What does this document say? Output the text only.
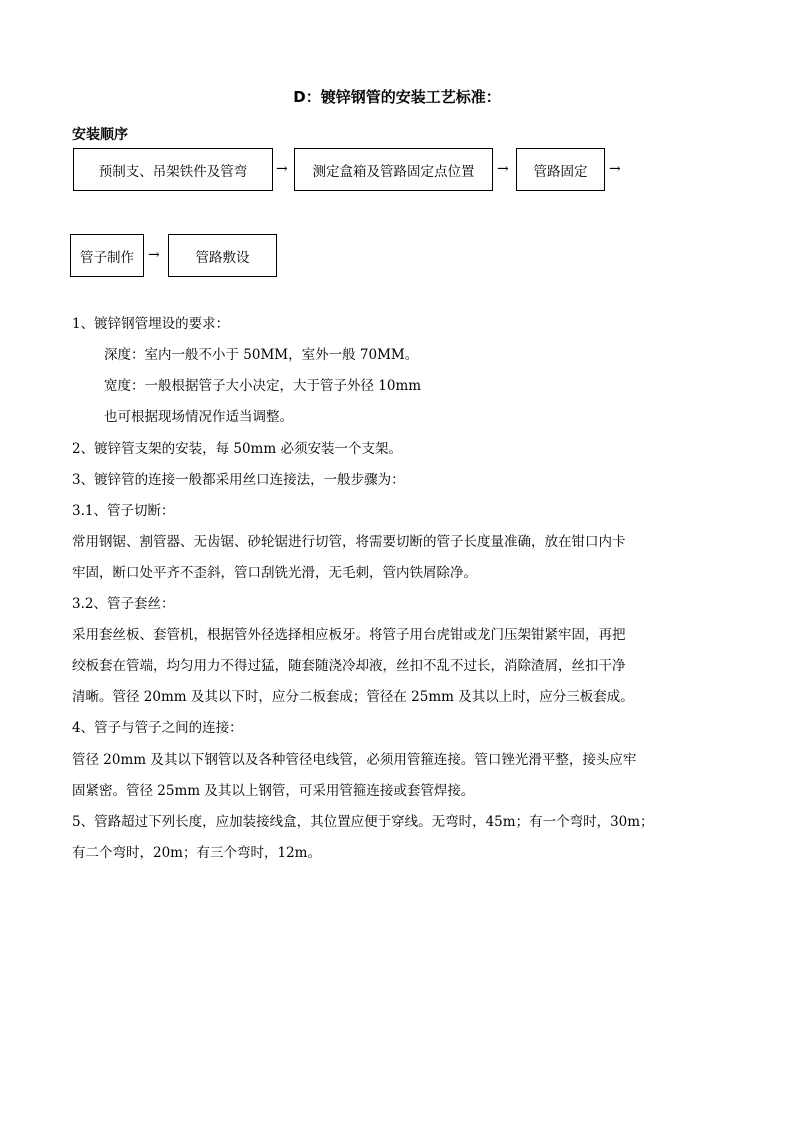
D：镀锌钢管的安装工艺标准：
安装顺序
预制支、吊架铁件及管弯	→	测定盒箱及管路固定点位置	→	管路固定	→
管子制作	→	管路敷设
1、镀锌钢管埋设的要求：
深度：室内一般不小于 50MM，室外一般 70MM。
宽度：一般根据管子大小决定，大于管子外径 10mm
也可根据现场情况作适当调整。
2、镀锌管支架的安装，每 50mm 必须安装一个支架。
3、镀锌管的连接一般都采用丝口连接法，一般步骤为：
3.1、管子切断：
常用钢锯、割管器、无齿锯、砂轮锯进行切管，将需要切断的管子长度量准确，放在钳口内卡
牢固，断口处平齐不歪斜，管口刮铣光滑，无毛刺，管内铁屑除净。
3.2、管子套丝：
采用套丝板、套管机，根据管外径选择相应板牙。将管子用台虎钳或龙门压架钳紧牢固，再把
绞板套在管端，均匀用力不得过猛，随套随浇冷却液，丝扣不乱不过长，消除渣屑，丝扣干净
清晰。管径 20mm 及其以下时，应分二板套成；管径在 25mm 及其以上时，应分三板套成。
4、管子与管子之间的连接：
管径 20mm 及其以下钢管以及各种管径电线管，必须用管箍连接。管口锉光滑平整，接头应牢
固紧密。管径 25mm 及其以上钢管，可采用管箍连接或套管焊接。
5、管路超过下列长度，应加装接线盒，其位置应便于穿线。无弯时，45m；有一个弯时，30m；
有二个弯时，20m；有三个弯时，12m。
